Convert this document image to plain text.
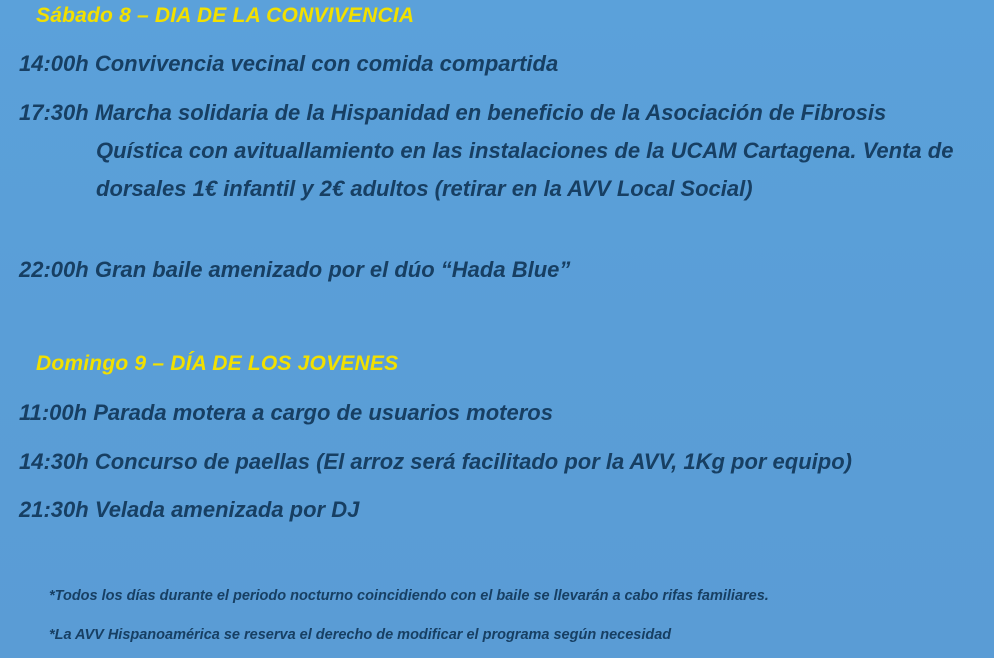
Sábado 8 – DIA DE LA CONVIVENCIA
14:00h Convivencia vecinal con comida compartida
17:30h Marcha solidaria de la Hispanidad en beneficio de la Asociación de Fibrosis Quística con avituallamiento en las instalaciones de la UCAM Cartagena. Venta de dorsales 1€ infantil y 2€ adultos (retirar en la AVV Local Social)
22:00h Gran baile amenizado por el dúo “Hada Blue”
Domingo 9 – DÍA DE LOS JOVENES
11:00h Parada motera a cargo de usuarios moteros
14:30h Concurso de paellas (El arroz será facilitado por la AVV, 1Kg por equipo)
21:30h Velada amenizada por DJ
*Todos los días durante el periodo nocturno coincidiendo con el baile se llevarán a cabo rifas familiares.
*La AVV Hispanoamérica se reserva el derecho de modificar el programa según necesidad
